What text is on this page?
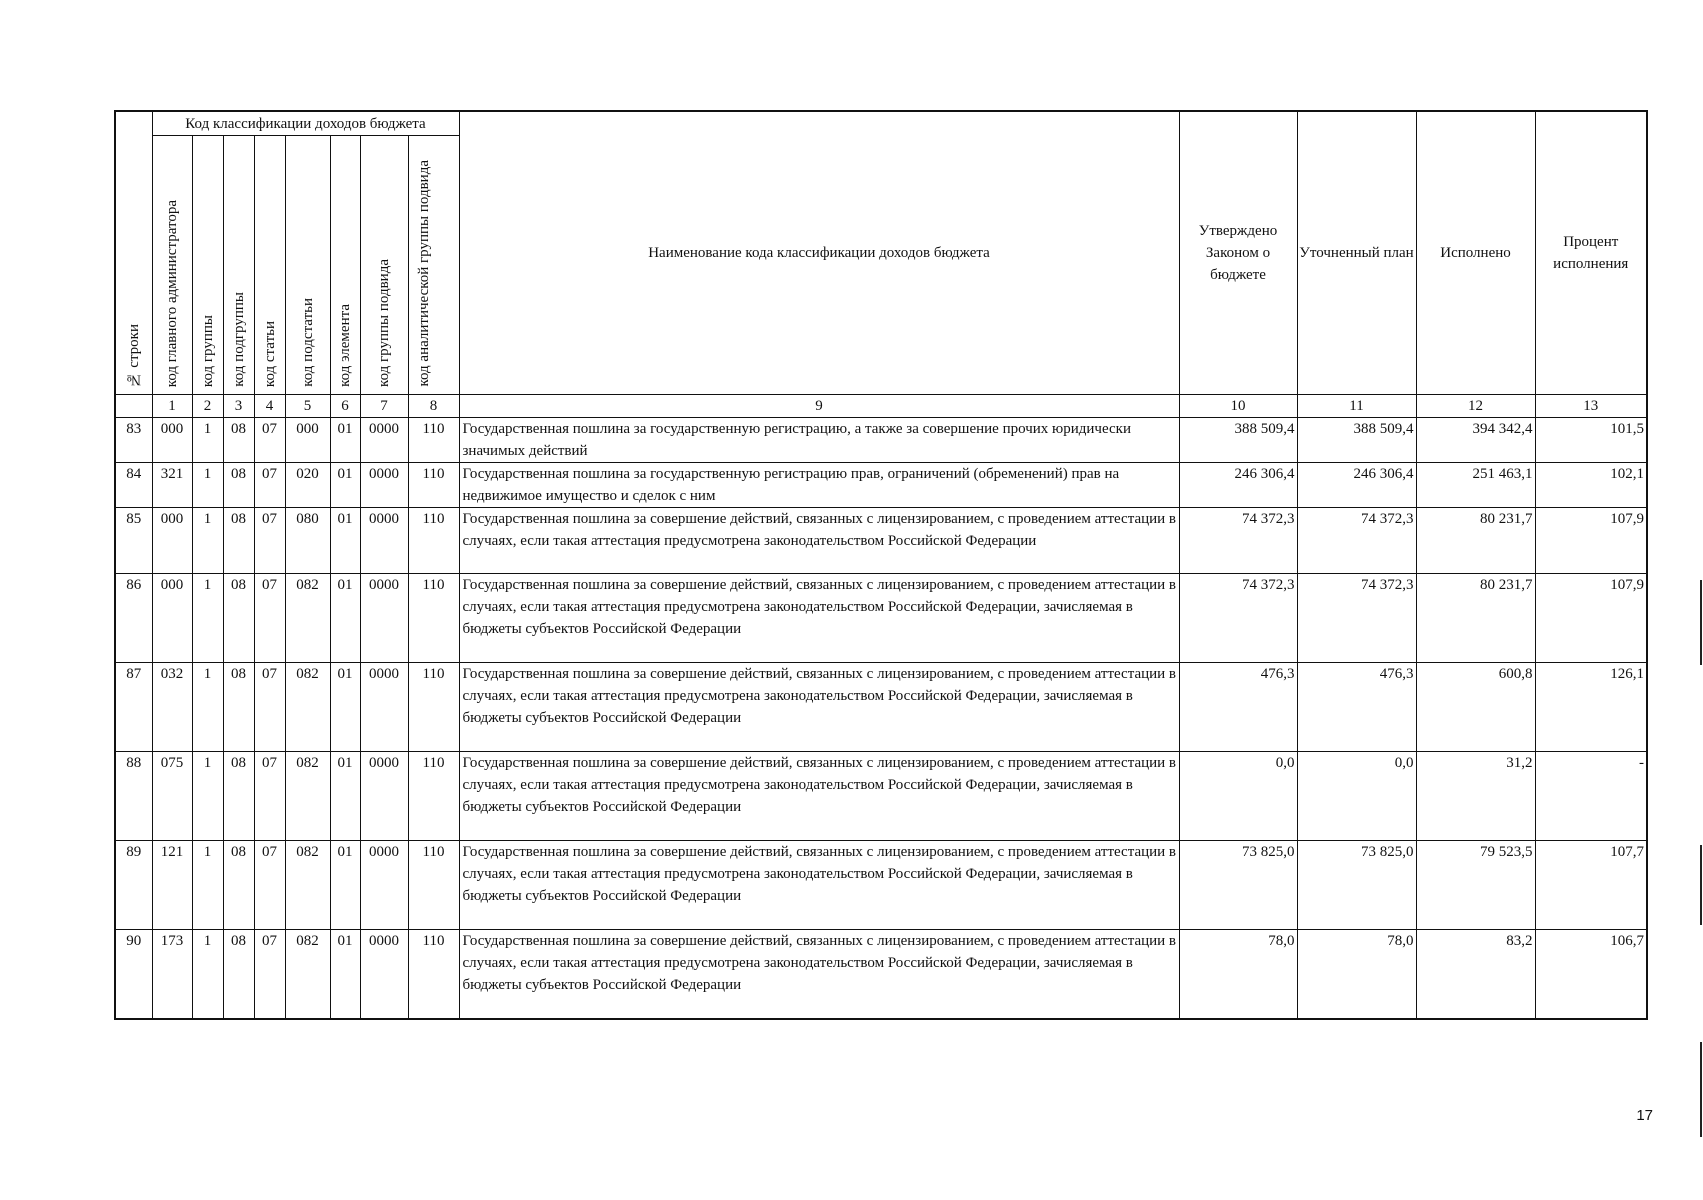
№ строки	Код классификации доходов бюджета								Наименование кода классификации доходов бюджета	Утверждено Законом о бюджете	Уточненный план	Исполнено	Процент исполнения
	код главного администратора	код группы	код подгруппы	код статьи	код подстатьи	код элемента	код группы подвида	код аналитической группы подвида					
	1	2	3	4	5	6	7	8	9	10	11	12	13
83	000	1	08	07	000	01	0000	110	Государственная пошлина за государственную регистрацию, а также за совершение прочих юридически значимых действий	388 509,4	388 509,4	394 342,4	101,5
84	321	1	08	07	020	01	0000	110	Государственная пошлина за государственную регистрацию прав, ограничений (обременений) прав на недвижимое имущество и сделок с ним	246 306,4	246 306,4	251 463,1	102,1
85	000	1	08	07	080	01	0000	110	Государственная пошлина за совершение действий, связанных с лицензированием, с проведением аттестации в случаях, если такая аттестация предусмотрена законодательством Российской Федерации	74 372,3	74 372,3	80 231,7	107,9
86	000	1	08	07	082	01	0000	110	Государственная пошлина за совершение действий, связанных с лицензированием, с проведением аттестации в случаях, если такая аттестация предусмотрена законодательством Российской Федерации, зачисляемая в бюджеты субъектов Российской Федерации	74 372,3	74 372,3	80 231,7	107,9
87	032	1	08	07	082	01	0000	110	Государственная пошлина за совершение действий, связанных с лицензированием, с проведением аттестации в случаях, если такая аттестация предусмотрена законодательством Российской Федерации, зачисляемая в бюджеты субъектов Российской Федерации	476,3	476,3	600,8	126,1
88	075	1	08	07	082	01	0000	110	Государственная пошлина за совершение действий, связанных с лицензированием, с проведением аттестации в случаях, если такая аттестация предусмотрена законодательством Российской Федерации, зачисляемая в бюджеты субъектов Российской Федерации	0,0	0,0	31,2	-
89	121	1	08	07	082	01	0000	110	Государственная пошлина за совершение действий, связанных с лицензированием, с проведением аттестации в случаях, если такая аттестация предусмотрена законодательством Российской Федерации, зачисляемая в бюджеты субъектов Российской Федерации	73 825,0	73 825,0	79 523,5	107,7
90	173	1	08	07	082	01	0000	110	Государственная пошлина за совершение действий, связанных с лицензированием, с проведением аттестации в случаях, если такая аттестация предусмотрена законодательством Российской Федерации, зачисляемая в бюджеты субъектов Российской Федерации	78,0	78,0	83,2	106,7
17
